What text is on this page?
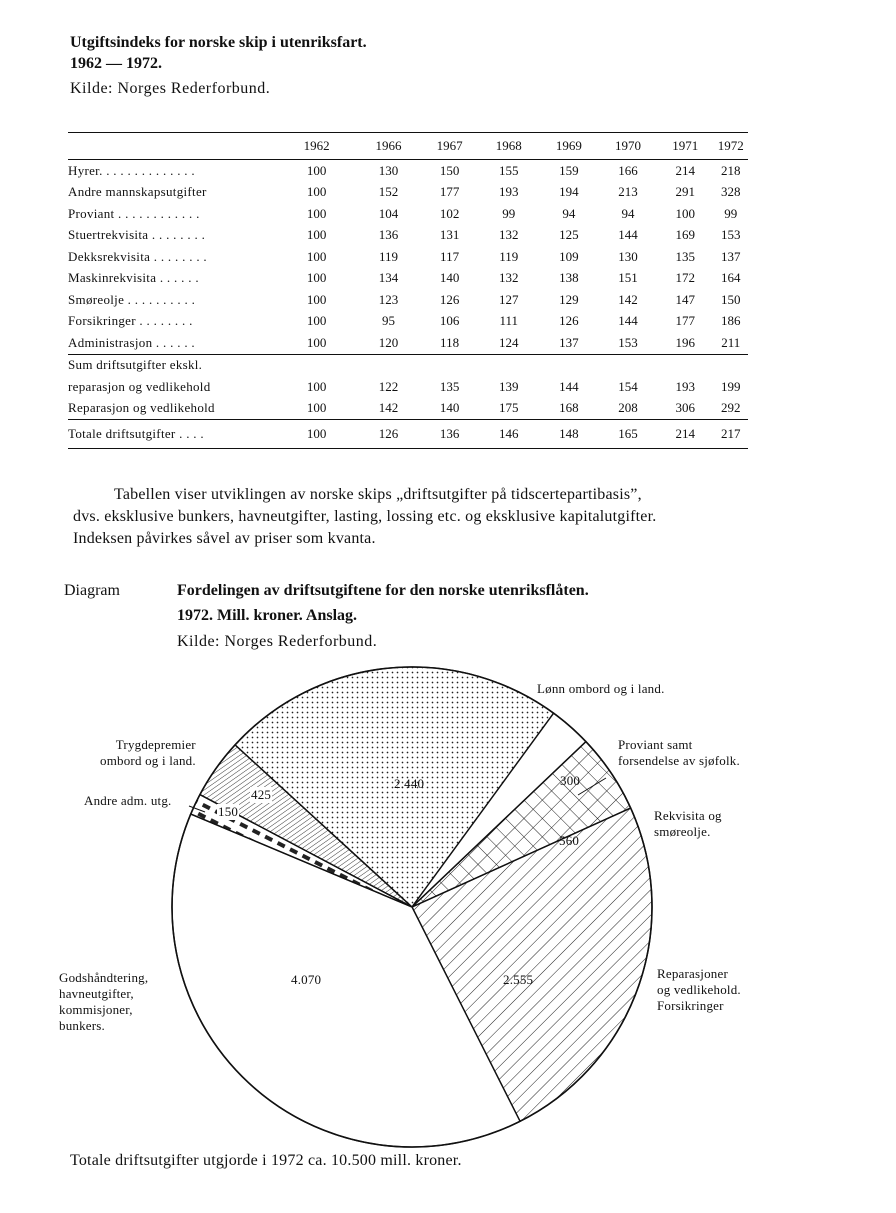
Utgiftsindeks for norske skip i utenriksfart.
1962 — 1972.
Kilde: Norges Rederforbund.
	1962	1966	1967	1968	1969	1970	1971	1972
Hyrer. . . . . . . . . . . . . .	100	130	150	155	159	166	214	218
Andre mannskapsutgifter	100	152	177	193	194	213	291	328
Proviant . . . . . . . . . . . .	100	104	102	99	94	94	100	99
Stuertrekvisita . . . . . . . .	100	136	131	132	125	144	169	153
Dekksrekvisita . . . . . . . .	100	119	117	119	109	130	135	137
Maskinrekvisita . . . . . .	100	134	140	132	138	151	172	164
Smøreolje . . . . . . . . . .	100	123	126	127	129	142	147	150
Forsikringer . . . . . . . .	100	95	106	111	126	144	177	186
Administrasjon . . . . . .	100	120	118	124	137	153	196	211
Sum driftsutgifter ekskl.								
reparasjon og vedlikehold	100	122	135	139	144	154	193	199
Reparasjon og vedlikehold	100	142	140	175	168	208	306	292
Totale driftsutgifter . . . .	100	126	136	146	148	165	214	217
Tabellen viser utviklingen av norske skips „driftsutgifter på tidscertepartibasis”,
dvs. eksklusive bunkers, havneutgifter, lasting, lossing etc. og eksklusive kapitalutgifter.
Indeksen påvirkes såvel av priser som kvanta.
Diagram	Fordelingen av driftsutgiftene for den norske utenriksflåten.
1972. Mill. kroner. Anslag.
Kilde: Norges Rederforbund.
2.440	300
560
2.555
4.070
150
425
Lønn ombord og i land.
Proviant samt
forsendelse av sjøfolk.
Rekvisita og
smøreolje.
Reparasjoner
og vedlikehold.
Forsikringer
Godshåndtering,
havneutgifter,
kommisjoner,
bunkers.
Andre adm. utg.
Trygdepremier
ombord og i land.
Totale driftsutgifter utgjorde i 1972 ca. 10.500 mill. kroner.
